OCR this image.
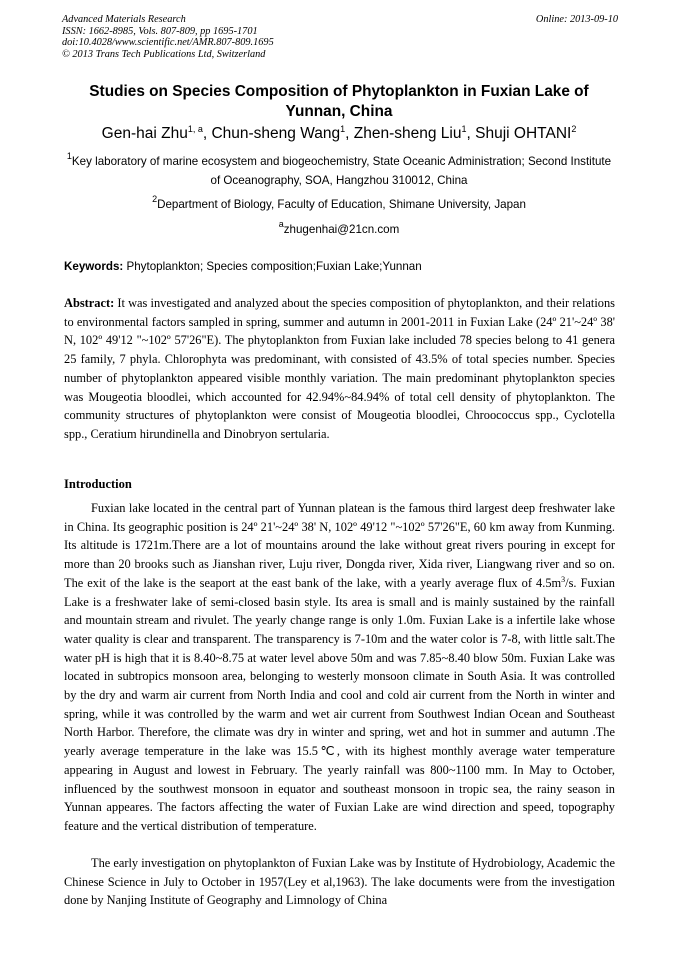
Advanced Materials Research	Online: 2013-09-10
ISSN: 1662-8985, Vols. 807-809, pp 1695-1701
doi:10.4028/www.scientific.net/AMR.807-809.1695
© 2013 Trans Tech Publications Ltd, Switzerland
Studies on Species Composition of Phytoplankton in Fuxian Lake of Yunnan, China
Gen-hai Zhu$^{1, a}$, Chun-sheng Wang$^1$, Zhen-sheng Liu$^1$, Shuji OHTANI$^2$
$^1$Key laboratory of marine ecosystem and biogeochemistry, State Oceanic Administration; Second Institute of Oceanography, SOA, Hangzhou 310012, China
$^2$Department of Biology, Faculty of Education, Shimane University, Japan
$^a$zhugenhai@21cn.com
Keywords: Phytoplankton; Species composition;Fuxian Lake;Yunnan

Abstract: It was investigated and analyzed about the species composition of phytoplankton, and their relations to environmental factors sampled in spring, summer and autumn in 2001-2011 in Fuxian Lake (24º 21'~24º 38' N, 102º 49'12 "~102º 57'26"E). The phytoplankton from Fuxian lake included 78 species belong to 41 genera 25 family, 7 phyla. Chlorophyta was predominant, with consisted of 43.5% of total species number. Species number of phytoplankton appeared visible monthly variation. The main predominant phytoplankton species was Mougeotia bloodlei, which accounted for 42.94%~84.94% of total cell density of phytoplankton. The community structures of phytoplankton were consist of Mougeotia bloodlei, Chroococcus spp., Cyclotella spp., Ceratium hirundinella and Dinobryon sertularia.

Introduction

Fuxian lake located in the central part of Yunnan platean is the famous third largest deep freshwater lake in China. Its geographic position is 24º 21'~24º 38' N, 102º 49'12 "~102º 57'26"E, 60 km away from Kunming. Its altitude is 1721m.There are a lot of mountains around the lake without great rivers pouring in except for more than 20 brooks such as Jianshan river, Luju river, Dongda river, Xida river, Liangwang river and so on. The exit of the lake is the seaport at the east bank of the lake, with a yearly average flux of $4.5m^3/s$. Fuxian Lake is a freshwater lake of semi-closed basin style. Its area is small and is mainly sustained by the rainfall and mountain stream and rivulet. The yearly change range is only 1.0m. Fuxian Lake is a infertile lake whose water quality is clear and transparent. The transparency is 7-10m and the water color is 7-8, with little salt.The water pH is high that it is 8.40~8.75 at water level above 50m and was 7.85~8.40 blow 50m. Fuxian Lake was located in subtropics monsoon area, belonging to westerly monsoon climate in South Asia. It was controlled by the dry and warm air current from North India and cool and cold air current from the North in winter and spring, while it was controlled by the warm and wet air current from Southwest Indian Ocean and Southeast North Harbor. Therefore, the climate was dry in winter and spring, wet and hot in summer and autumn .The yearly average temperature in the lake was 15.5℃, with its highest monthly average water temperature appearing in August and lowest in February. The yearly rainfall was 800~1100 mm. In May to October, influenced by the southwest monsoon in equator and southeast monsoon in tropic sea, the rainy season in Yunnan appeares. The factors affecting the water of Fuxian Lake are wind direction and speed, topography feature and the vertical distribution of temperature.

The early investigation on phytoplankton of Fuxian Lake was by Institute of Hydrobiology, Academic the Chinese Science in July to October in 1957(Ley et al,1963). The lake documents were from the investigation done by Nanjing Institute of Geography and Limnology of China
